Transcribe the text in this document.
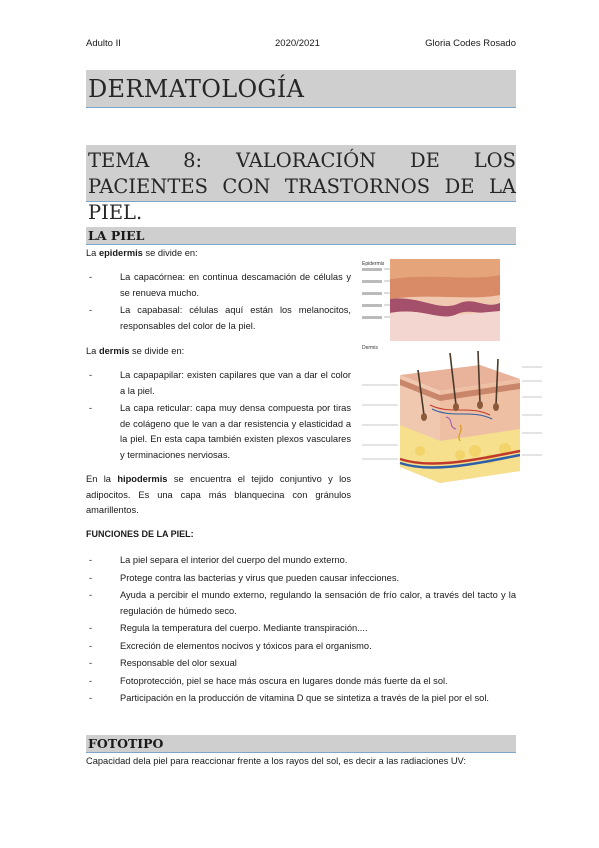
Adulto II	2020/2021	Gloria Codes Rosado
DERMATOLOGÍA
TEMA 8: VALORACIÓN DE LOS PACIENTES CON TRASTORNOS DE LA PIEL.
LA PIEL

La epidermis se divide en:

-	La capacórnea: en continua descamación de células y se renueva mucho.
-	La capabasal: células aquí están los melanocitos, responsables del color de la piel.

La dermis se divide en:

-	La capapapilar: existen capilares que van a dar el color a la piel.
-	La capa reticular: capa muy densa compuesta por tiras de colágeno que le van a dar resistencia y elasticidad a la piel. En esta capa también existen plexos vasculares y terminaciones nerviosas.

En la hipodermis se encuentra el tejido conjuntivo y los adipocitos. Es una capa más blanquecina con gránulos amarillentos.

Epidermis
Dermis

FUNCIONES DE LA PIEL:

-	La piel separa el interior del cuerpo del mundo externo.
-	Protege contra las bacterias y virus que pueden causar infecciones.
-	Ayuda a percibir el mundo externo, regulando la sensación de frío calor, a través del tacto y la regulación de húmedo seco.
-	Regula la temperatura del cuerpo. Mediante transpiración....
-	Excreción de elementos nocivos y tóxicos para el organismo.
-	Responsable del olor sexual
-	Fotoprotección, piel se hace más oscura en lugares donde más fuerte da el sol.
-	Participación en la producción de vitamina D que se sintetiza a través de la piel por el sol.
FOTOTIPO

Capacidad dela piel para reaccionar frente a los rayos del sol, es decir a las radiaciones UV:
